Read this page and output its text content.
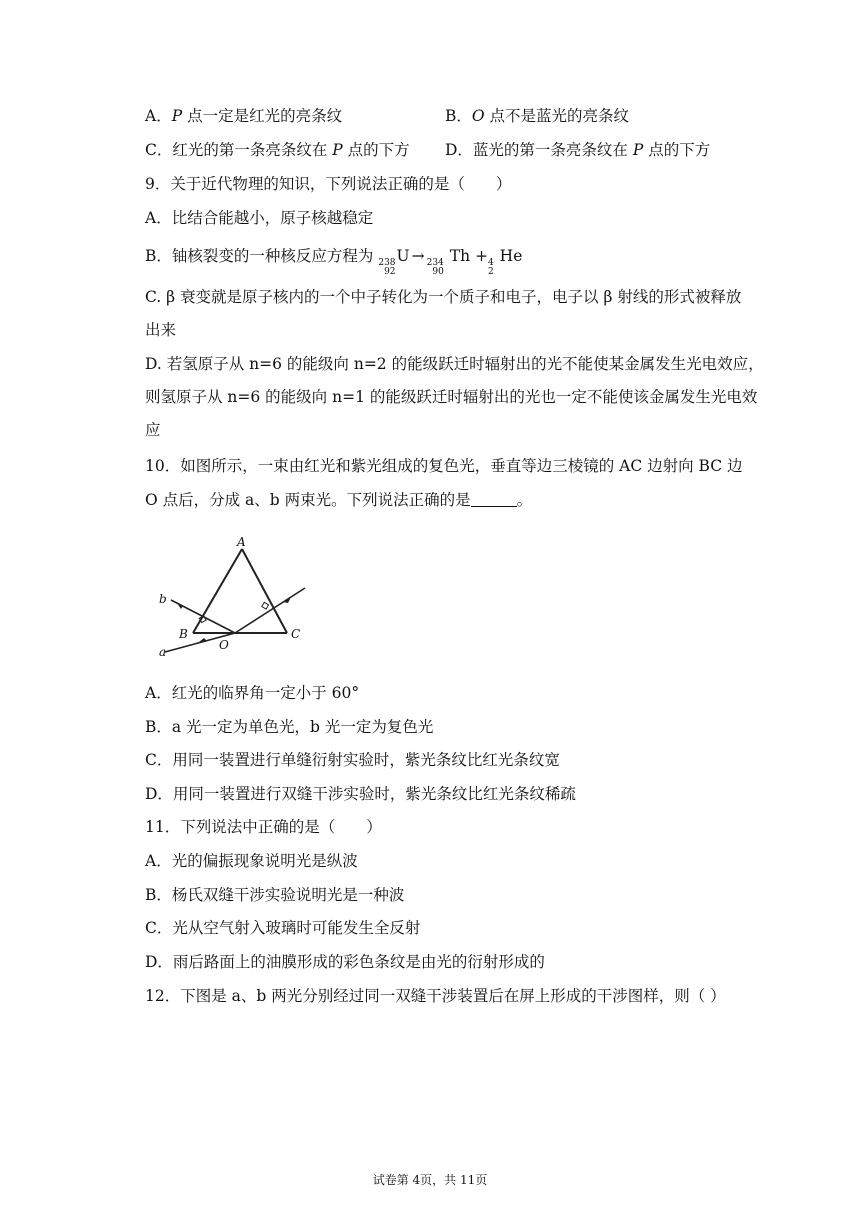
A．P 点一定是红光的亮条纹	B．O 点不是蓝光的亮条纹
C．红光的第一条亮条纹在 P 点的下方 D．蓝光的第一条亮条纹在 P 点的下方
9．关于近代物理的知识，下列说法正确的是（　　）
A．比结合能越小，原子核越稳定
B．铀核裂变的一种核反应方程为 238
92
U → 234
90
Th + 4
2
He
C. β 衰变就是原子核内的一个中子转化为一个质子和电子，电子以 β 射线的形式被释放
出来
D. 若氢原子从 n=6 的能级向 n=2 的能级跃迁时辐射出的光不能使某金属发生光电效应，
则氢原子从 n=6 的能级向 n=1 的能级跃迁时辐射出的光也一定不能使该金属发生光电效
应
10．如图所示，一束由红光和紫光组成的复色光，垂直等边三棱镜的 AC 边射向 BC 边
O 点后，分成 a、b 两束光。下列说法正确的是	。
A
B	C
O
a
b
A．红光的临界角一定小于 60°
B．a 光一定为单色光，b 光一定为复色光
C．用同一装置进行单缝衍射实验时，紫光条纹比红光条纹宽
D．用同一装置进行双缝干涉实验时，紫光条纹比红光条纹稀疏
11．下列说法中正确的是（　　）
A．光的偏振现象说明光是纵波
B．杨氏双缝干涉实验说明光是一种波
C．光从空气射入玻璃时可能发生全反射
D．雨后路面上的油膜形成的彩色条纹是由光的衍射形成的
12．下图是 a、b 两光分别经过同一双缝干涉装置后在屏上形成的干涉图样，则（ ）
试卷第 4页，共 11页
